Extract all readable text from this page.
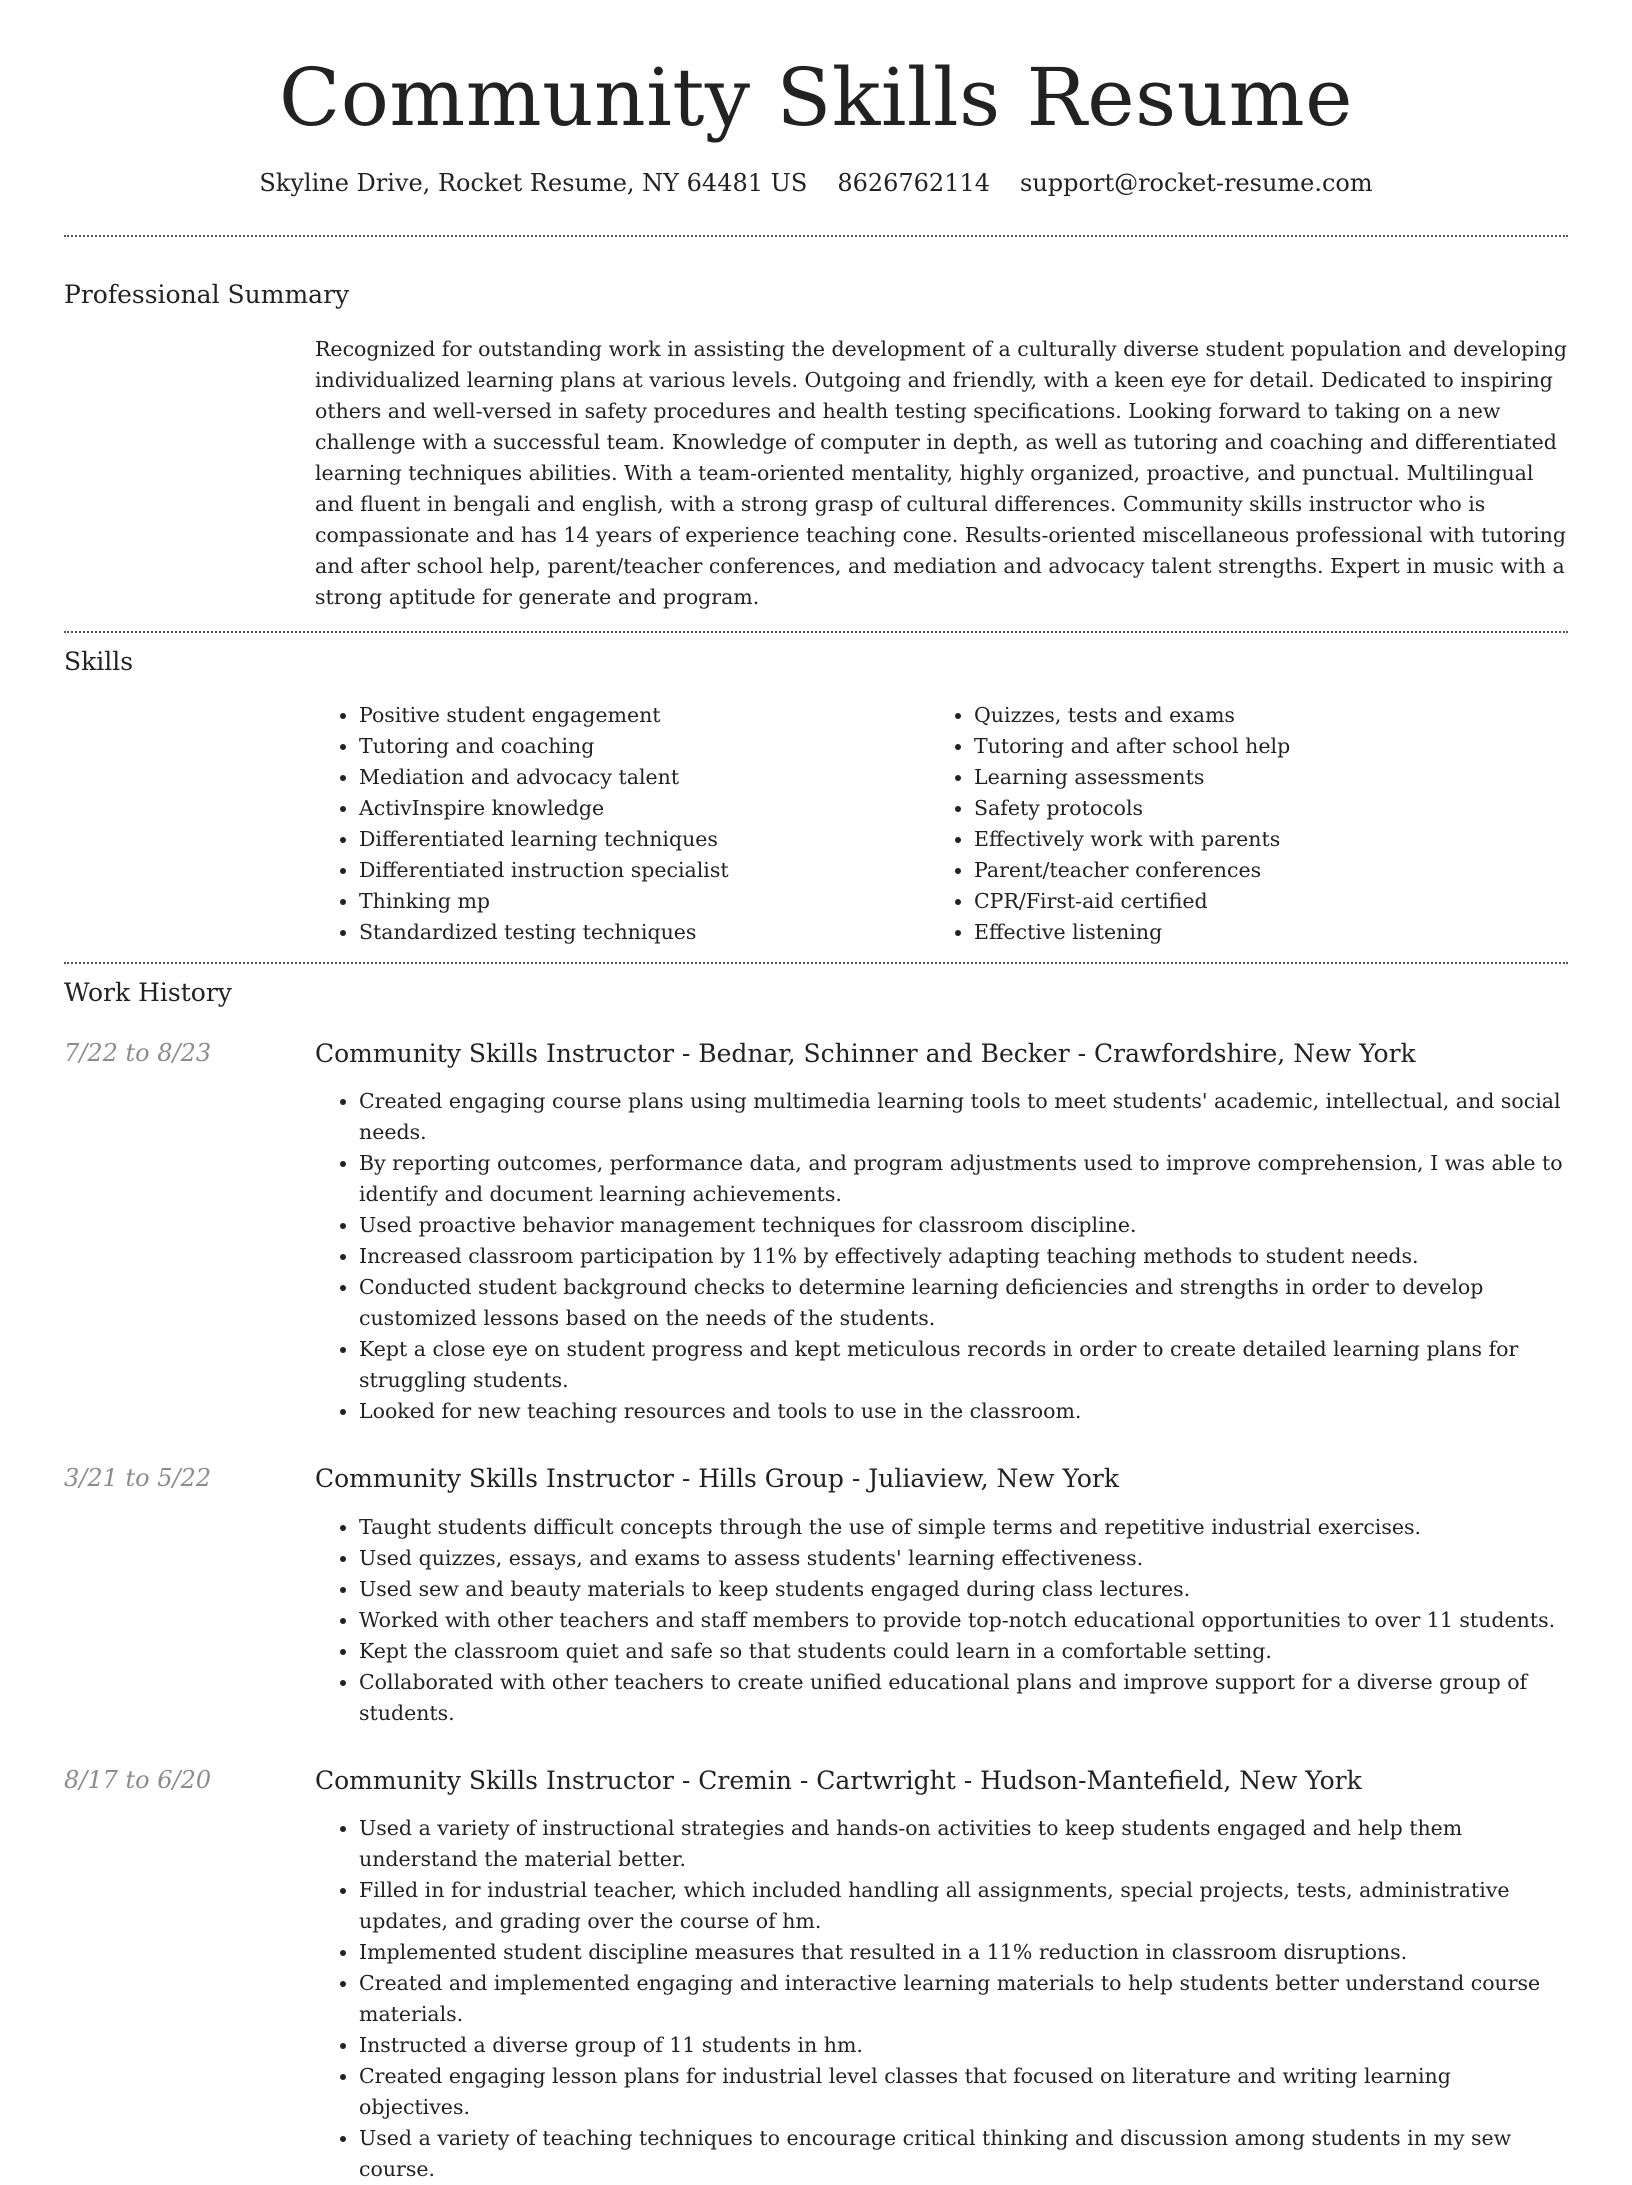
Community Skills Resume
Skyline Drive, Rocket Resume, NY 64481 US 8626762114 support@rocket-resume.com
Professional Summary

Recognized for outstanding work in assisting the development of a culturally diverse student population and developing individualized learning plans at various levels. Outgoing and friendly, with a keen eye for detail. Dedicated to inspiring others and well-versed in safety procedures and health testing specifications. Looking forward to taking on a new challenge with a successful team. Knowledge of computer in depth, as well as tutoring and coaching and differentiated learning techniques abilities. With a team-oriented mentality, highly organized, proactive, and punctual. Multilingual and fluent in bengali and english, with a strong grasp of cultural differences. Community skills instructor who is compassionate and has 14 years of experience teaching cone. Results-oriented miscellaneous professional with tutoring and after school help, parent/teacher conferences, and mediation and advocacy talent strengths. Expert in music with a strong aptitude for generate and program.

Skills
• Positive student engagement
• Tutoring and coaching
• Mediation and advocacy talent
• ActivInspire knowledge
• Differentiated learning techniques
• Differentiated instruction specialist
• Thinking mp
• Standardized testing techniques
• Quizzes, tests and exams
• Tutoring and after school help
• Learning assessments
• Safety protocols
• Effectively work with parents
• Parent/teacher conferences
• CPR/First-aid certified
• Effective listening
Work History
7/22 to 8/23	Community Skills Instructor - Bednar, Schinner and Becker - Crawfordshire, New York
• Created engaging course plans using multimedia learning tools to meet students' academic, intellectual, and social needs.
• By reporting outcomes, performance data, and program adjustments used to improve comprehension, I was able to identify and document learning achievements.
• Used proactive behavior management techniques for classroom discipline.
• Increased classroom participation by 11% by effectively adapting teaching methods to student needs.
• Conducted student background checks to determine learning deficiencies and strengths in order to develop customized lessons based on the needs of the students.
• Kept a close eye on student progress and kept meticulous records in order to create detailed learning plans for struggling students.
• Looked for new teaching resources and tools to use in the classroom.
3/21 to 5/22	Community Skills Instructor - Hills Group - Juliaview, New York
• Taught students difficult concepts through the use of simple terms and repetitive industrial exercises.
• Used quizzes, essays, and exams to assess students' learning effectiveness.
• Used sew and beauty materials to keep students engaged during class lectures.
• Worked with other teachers and staff members to provide top-notch educational opportunities to over 11 students.
• Kept the classroom quiet and safe so that students could learn in a comfortable setting.
• Collaborated with other teachers to create unified educational plans and improve support for a diverse group of students.
8/17 to 6/20	Community Skills Instructor - Cremin - Cartwright - Hudson-Mantefield, New York
• Used a variety of instructional strategies and hands-on activities to keep students engaged and help them understand the material better.
• Filled in for industrial teacher, which included handling all assignments, special projects, tests, administrative updates, and grading over the course of hm.
• Implemented student discipline measures that resulted in a 11% reduction in classroom disruptions.
• Created and implemented engaging and interactive learning materials to help students better understand course materials.
• Instructed a diverse group of 11 students in hm.
• Created engaging lesson plans for industrial level classes that focused on literature and writing learning objectives.
• Used a variety of teaching techniques to encourage critical thinking and discussion among students in my sew course.
